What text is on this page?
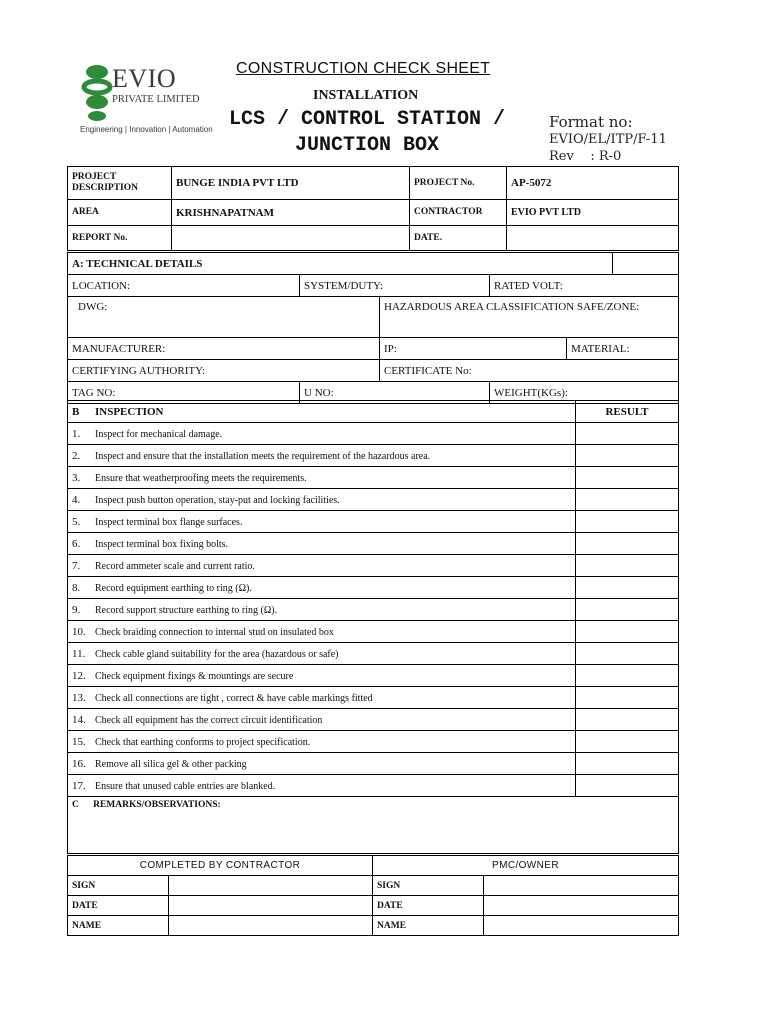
EVIO
PRIVATE LIMITED
Engineering | Innovation | Automation
CONSTRUCTION CHECK SHEET
INSTALLATION
LCS / CONTROL STATION /
JUNCTION BOX
Format no:
EVIO/EL/ITP/F-11
Rev    : R-0
PROJECT DESCRIPTION	BUNGE INDIA PVT LTD	PROJECT No.	AP-5072
AREA	KRISHNAPATNAM	CONTRACTOR	EVIO PVT LTD
REPORT No.		DATE.	
A: TECHNICAL DETAILS					
LOCATION:	SYSTEM/DUTY:		RATED VOLT:		
DWG:		HAZARDOUS AREA CLASSIFICATION SAFE/ZONE:			
MANUFACTURER:		IP:		MATERIAL:	
CERTIFYING AUTHORITY:		CERTIFICATE No:			
TAG NO:	U NO:		WEIGHT(KGs):		
B INSPECTION	RESULT
1. Inspect for mechanical damage.	
2. Inspect and ensure that the installation meets the requirement of the hazardous area.	
3. Ensure that weatherproofing meets the requirements.	
4. Inspect push button operation, stay-put and locking facilities.	
5. Inspect terminal box flange surfaces.	
6. Inspect terminal box fixing bolts.	
7. Record ammeter scale and current ratio.	
8. Record equipment earthing to ring (Ω).	
9. Record support structure earthing to ring (Ω).	
10. Check braiding connection to internal stud on insulated box	
11. Check cable gland suitability for the area (hazardous or safe)	
12. Check equipment fixings & mountings are secure	
13. Check all connections are tight , correct & have cable markings fitted	
14. Check all equipment has the correct circuit identification	
15. Check that earthing conforms to project specification.	
16. Remove all silica gel & other packing	
17. Ensure that unused cable entries are blanked.	
C      REMARKS/OBSERVATIONS:	
COMPLETED BY CONTRACTOR		PMC/OWNER	
SIGN		SIGN	
DATE		DATE	
NAME		NAME	
